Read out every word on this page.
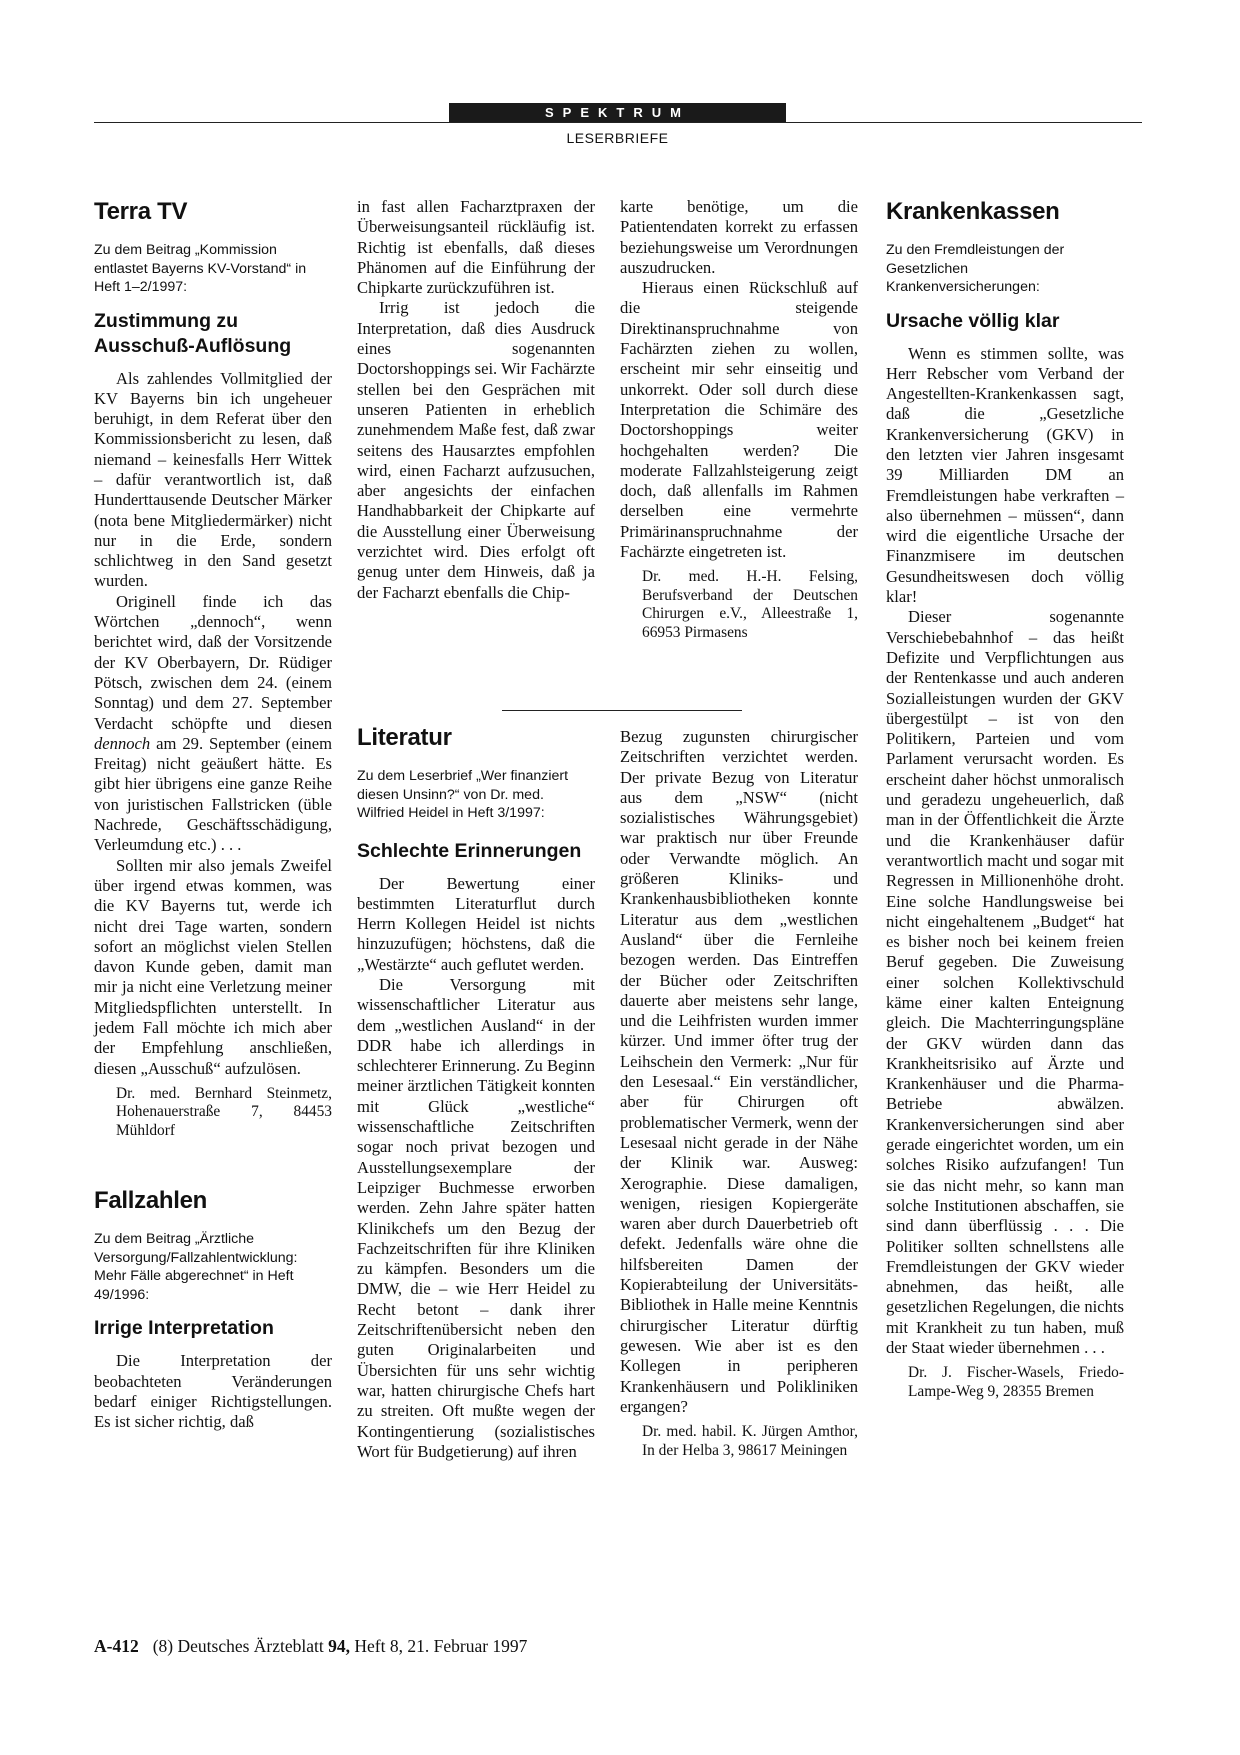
SPEKTRUM
LESERBRIEFE
Terra TV
Zu dem Beitrag „Kommission entlastet Bayerns KV-Vorstand“ in Heft 1–2/1997:
Zustimmung zu Ausschuß-Auflösung

Als zahlendes Vollmitglied der KV Bayerns bin ich ungeheuer beruhigt, in dem Referat über den Kommissionsbericht zu lesen, daß niemand – keinesfalls Herr Wittek – dafür verantwortlich ist, daß Hunderttausende Deutscher Märker (nota bene Mitgliedermärker) nicht nur in die Erde, sondern schlichtweg in den Sand gesetzt wurden.

Originell finde ich das Wörtchen „dennoch“, wenn berichtet wird, daß der Vorsitzende der KV Oberbayern, Dr. Rüdiger Pötsch, zwischen dem 24. (einem Sonntag) und dem 27. September Verdacht schöpfte und diesen dennoch am 29. September (einem Freitag) nicht geäußert hätte. Es gibt hier übrigens eine ganze Reihe von juristischen Fallstricken (üble Nachrede, Geschäftsschädigung, Verleumdung etc.) . . .

Sollten mir also jemals Zweifel über irgend etwas kommen, was die KV Bayerns tut, werde ich nicht drei Tage warten, sondern sofort an möglichst vielen Stellen davon Kunde geben, damit man mir ja nicht eine Verletzung meiner Mitgliedspflichten unterstellt. In jedem Fall möchte ich mich aber der Empfehlung anschließen, diesen „Ausschuß“ aufzulösen.

Dr. med. Bernhard Steinmetz, Hohenauerstraße 7, 84453 Mühldorf
Fallzahlen
Zu dem Beitrag „Ärztliche Versorgung/Fallzahlentwicklung: Mehr Fälle abgerechnet“ in Heft 49/1996:
Irrige Interpretation

Die Interpretation der beobachteten Veränderungen bedarf einiger Richtigstellungen. Es ist sicher richtig, daß

in fast allen Facharztpraxen der Überweisungsanteil rückläufig ist. Richtig ist ebenfalls, daß dieses Phänomen auf die Einführung der Chipkarte zurückzuführen ist.

Irrig ist jedoch die Interpretation, daß dies Ausdruck eines sogenannten Doctorshoppings sei. Wir Fachärzte stellen bei den Gesprächen mit unseren Patienten in erheblich zunehmendem Maße fest, daß zwar seitens des Hausarztes empfohlen wird, einen Facharzt aufzusuchen, aber angesichts der einfachen Handhabbarkeit der Chipkarte auf die Ausstellung einer Überweisung verzichtet wird. Dies erfolgt oft genug unter dem Hinweis, daß ja der Facharzt ebenfalls die Chip-

karte benötige, um die Patientendaten korrekt zu erfassen beziehungsweise um Verordnungen auszudrucken.

Hieraus einen Rückschluß auf die steigende Direktinanspruchnahme von Fachärzten ziehen zu wollen, erscheint mir sehr einseitig und unkorrekt. Oder soll durch diese Interpretation die Schimäre des Doctorshoppings weiter hochgehalten werden? Die moderate Fallzahlsteigerung zeigt doch, daß allenfalls im Rahmen derselben eine vermehrte Primärinanspruchnahme der Fachärzte eingetreten ist.

Dr. med. H.-H. Felsing, Berufsverband der Deutschen Chirurgen e.V., Alleestraße 1, 66953 Pirmasens
Literatur
Zu dem Leserbrief „Wer finanziert diesen Unsinn?“ von Dr. med. Wilfried Heidel in Heft 3/1997:
Schlechte Erinnerungen

Der Bewertung einer bestimmten Literaturflut durch Herrn Kollegen Heidel ist nichts hinzuzufügen; höchstens, daß die „Westärzte“ auch geflutet werden.

Die Versorgung mit wissenschaftlicher Literatur aus dem „westlichen Ausland“ in der DDR habe ich allerdings in schlechterer Erinnerung. Zu Beginn meiner ärztlichen Tätigkeit konnten mit Glück „westliche“ wissenschaftliche Zeitschriften sogar noch privat bezogen und Ausstellungsexemplare der Leipziger Buchmesse erworben werden. Zehn Jahre später hatten Klinikchefs um den Bezug der Fachzeitschriften für ihre Kliniken zu kämpfen. Besonders um die DMW, die – wie Herr Heidel zu Recht betont – dank ihrer Zeitschriftenübersicht neben den guten Originalarbeiten und Übersichten für uns sehr wichtig war, hatten chirurgische Chefs hart zu streiten. Oft mußte wegen der Kontingentierung (sozialistisches Wort für Budgetierung) auf ihren

Bezug zugunsten chirurgischer Zeitschriften verzichtet werden. Der private Bezug von Literatur aus dem „NSW“ (nicht sozialistisches Währungsgebiet) war praktisch nur über Freunde oder Verwandte möglich. An größeren Kliniks- und Krankenhausbibliotheken konnte Literatur aus dem „westlichen Ausland“ über die Fernleihe bezogen werden. Das Eintreffen der Bücher oder Zeitschriften dauerte aber meistens sehr lange, und die Leihfristen wurden immer kürzer. Und immer öfter trug der Leihschein den Vermerk: „Nur für den Lesesaal.“ Ein verständlicher, aber für Chirurgen oft problematischer Vermerk, wenn der Lesesaal nicht gerade in der Nähe der Klinik war. Ausweg: Xerographie. Diese damaligen, wenigen, riesigen Kopiergeräte waren aber durch Dauerbetrieb oft defekt. Jedenfalls wäre ohne die hilfsbereiten Damen der Kopierabteilung der Universitäts-Bibliothek in Halle meine Kenntnis chirurgischer Literatur dürftig gewesen. Wie aber ist es den Kollegen in peripheren Krankenhäusern und Polikliniken ergangen?

Dr. med. habil. K. Jürgen Amthor, In der Helba 3, 98617 Meiningen
Krankenkassen
Zu den Fremdleistungen der Gesetzlichen Krankenversicherungen:
Ursache völlig klar

Wenn es stimmen sollte, was Herr Rebscher vom Verband der Angestellten-Krankenkassen sagt, daß die „Gesetzliche Krankenversicherung (GKV) in den letzten vier Jahren insgesamt 39 Milliarden DM an Fremdleistungen habe verkraften – also übernehmen – müssen“, dann wird die eigentliche Ursache der Finanzmisere im deutschen Gesundheitswesen doch völlig klar!

Dieser sogenannte Verschiebebahnhof – das heißt Defizite und Verpflichtungen aus der Rentenkasse und auch anderen Sozialleistungen wurden der GKV übergestülpt – ist von den Politikern, Parteien und vom Parlament verursacht worden. Es erscheint daher höchst unmoralisch und geradezu ungeheuerlich, daß man in der Öffentlichkeit die Ärzte und die Krankenhäuser dafür verantwortlich macht und sogar mit Regressen in Millionenhöhe droht. Eine solche Handlungsweise bei nicht eingehaltenem „Budget“ hat es bisher noch bei keinem freien Beruf gegeben. Die Zuweisung einer solchen Kollektivschuld käme einer kalten Enteignung gleich. Die Machterringungspläne der GKV würden dann das Krankheitsrisiko auf Ärzte und Krankenhäuser und die Pharma-Betriebe abwälzen. Krankenversicherungen sind aber gerade eingerichtet worden, um ein solches Risiko aufzufangen! Tun sie das nicht mehr, so kann man solche Institutionen abschaffen, sie sind dann überflüssig . . . Die Politiker sollten schnellstens alle Fremdleistungen der GKV wieder abnehmen, das heißt, alle gesetzlichen Regelungen, die nichts mit Krankheit zu tun haben, muß der Staat wieder übernehmen . . .

Dr. J. Fischer-Wasels, Friedo-Lampe-Weg 9, 28355 Bremen
A-412 (8) Deutsches Ärzteblatt 94, Heft 8, 21. Februar 1997
